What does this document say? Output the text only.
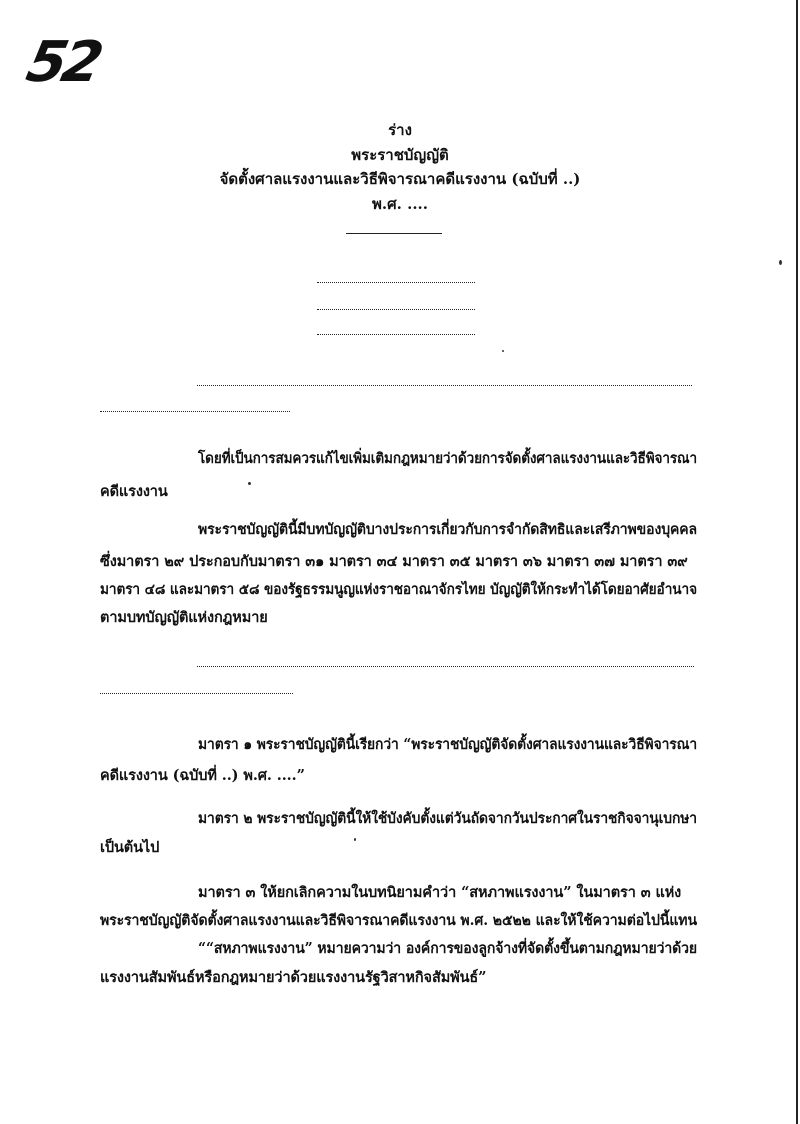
52
ร่าง
พระราชบัญญัติ
จัดตั้งศาลแรงงานและวิธีพิจารณาคดีแรงงาน (ฉบับที่ ..)
พ.ศ. ....
โดยที่เป็นการสมควรแก้ไขเพิ่มเติมกฎหมายว่าด้วยการจัดตั้งศาลแรงงานและวิธีพิจารณา
คดีแรงงาน
พระราชบัญญัตินี้มีบทบัญญัติบางประการเกี่ยวกับการจำกัดสิทธิและเสรีภาพของบุคคล
ซึ่งมาตรา ๒๙ ประกอบกับมาตรา ๓๑ มาตรา ๓๔ มาตรา ๓๕ มาตรา ๓๖ มาตรา ๓๗ มาตรา ๓๙
มาตรา ๔๘ และมาตรา ๕๘ ของรัฐธรรมนูญแห่งราชอาณาจักรไทย บัญญัติให้กระทำได้โดยอาศัยอำนาจ
ตามบทบัญญัติแห่งกฎหมาย
มาตรา ๑ พระราชบัญญัตินี้เรียกว่า “พระราชบัญญัติจัดตั้งศาลแรงงานและวิธีพิจารณา
คดีแรงงาน (ฉบับที่ ..) พ.ศ. ....”
มาตรา ๒ พระราชบัญญัตินี้ให้ใช้บังคับตั้งแต่วันถัดจากวันประกาศในราชกิจจานุเบกษา
เป็นต้นไป
มาตรา ๓ ให้ยกเลิกความในบทนิยามคำว่า “สหภาพแรงงาน” ในมาตรา ๓ แห่ง
พระราชบัญญัติจัดตั้งศาลแรงงานและวิธีพิจารณาคดีแรงงาน พ.ศ. ๒๕๒๒ และให้ใช้ความต่อไปนี้แทน
““สหภาพแรงงาน” หมายความว่า องค์การของลูกจ้างที่จัดตั้งขึ้นตามกฎหมายว่าด้วย
แรงงานสัมพันธ์หรือกฎหมายว่าด้วยแรงงานรัฐวิสาหกิจสัมพันธ์”
